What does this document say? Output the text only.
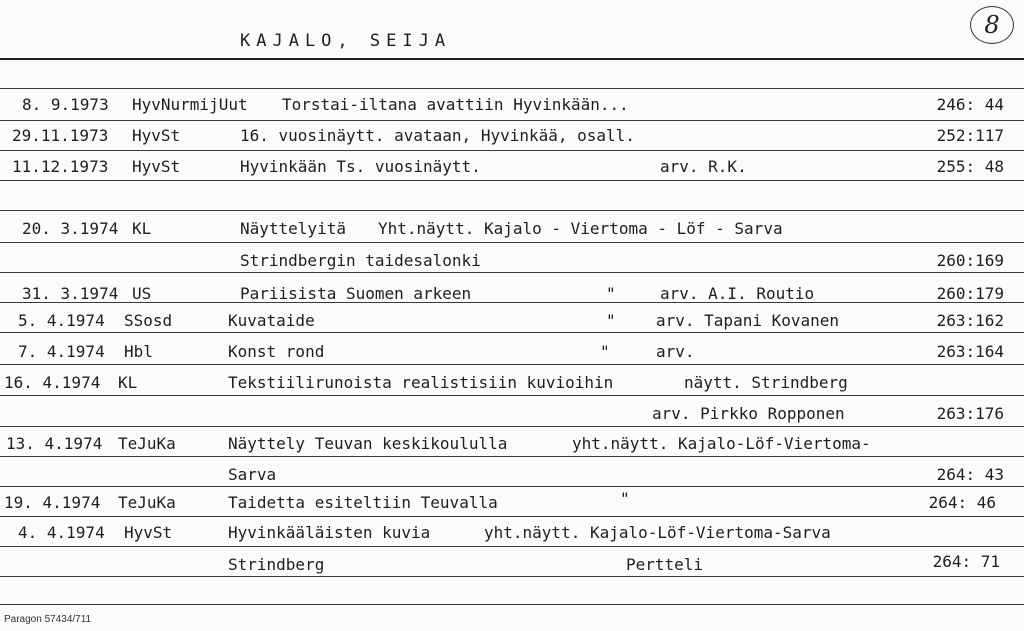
KAJALO, SEIJA
8
8. 9.1973 HyvNurmijUut Torstai-iltana avattiin Hyvinkään...	246: 44
29.11.1973 HyvSt	16. vuosinäytt. avataan, Hyvinkää, osall.	252:117
11.12.1973 HyvSt	Hyvinkään Ts. vuosinäytt.	arv. R.K.	255: 48
20. 3.1974 KL	Näyttelyitä Yht.näytt. Kajalo - Viertoma - Löf - Sarva
Strindbergin taidesalonki	260:169
31. 3.1974 US	Pariisista Suomen arkeen	"	arv. A.I. Routio	260:179
5. 4.1974 SSosd	Kuvataide	"	arv. Tapani Kovanen	263:162
7. 4.1974 Hbl	Konst rond	"	arv.	263:164
16. 4.1974 KL	Tekstiilirunoista realistisiin kuvioihin	näytt. Strindberg
arv. Pirkko Ropponen	263:176
13. 4.1974 TeJuKa	Näyttely Teuvan keskikoululla	yht.näytt. Kajalo-Löf-Viertoma-
Sarva	264: 43
19. 4.1974 TeJuKa	Taidetta esiteltiin Teuvalla	"	264: 46
4. 4.1974 HyvSt	Hyvinkääläisten kuvia	yht.näytt. Kajalo-Löf-Viertoma-Sarva
Strindberg	Pertteli	264: 71
Paragon 57434/711
